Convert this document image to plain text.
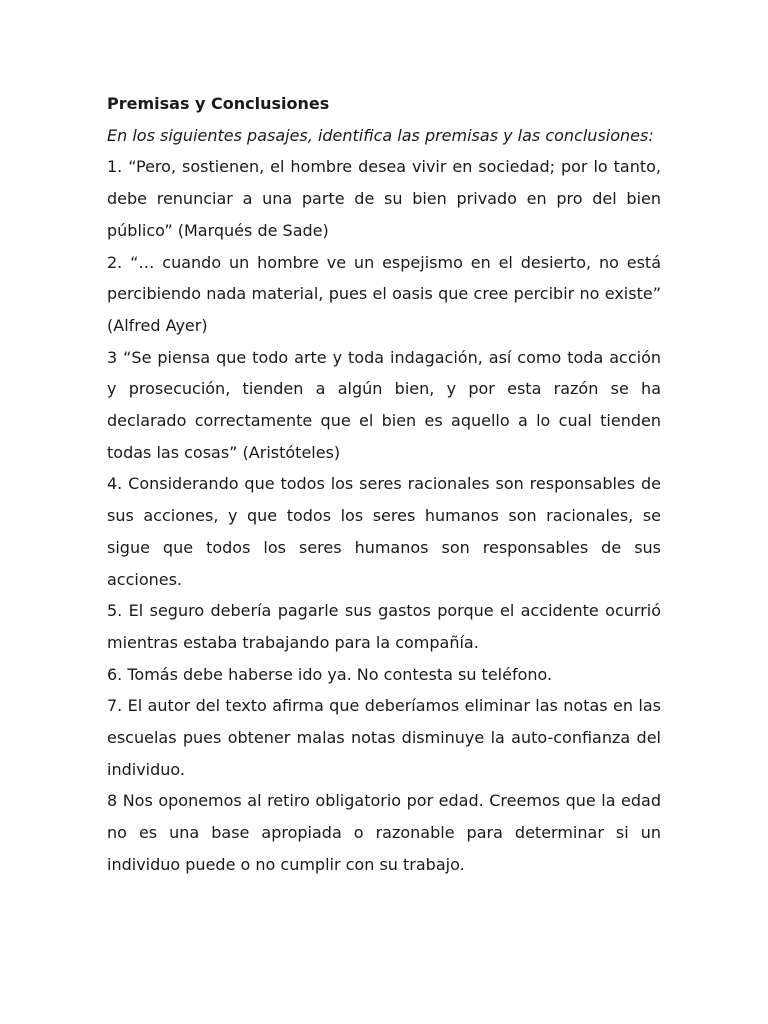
Premisas y Conclusiones
En los siguientes pasajes, identifica las premisas y las conclusiones:
1. “Pero, sostienen, el hombre desea vivir en sociedad; por lo tanto, debe renunciar a una parte de su bien privado en pro del bien público” (Marqués de Sade)
2. “… cuando un hombre ve un espejismo en el desierto, no está percibiendo nada material, pues el oasis que cree percibir no existe” (Alfred Ayer)
3 “Se piensa que todo arte y toda indagación, así como toda acción y prosecución, tienden a algún bien, y por esta razón se ha declarado correctamente que el bien es aquello a lo cual tienden todas las cosas” (Aristóteles)
4. Considerando que todos los seres racionales son responsables de sus acciones, y que todos los seres humanos son racionales, se sigue que todos los seres humanos son responsables de sus acciones.
5. El seguro debería pagarle sus gastos porque el accidente ocurrió mientras estaba trabajando para la compañía.
6. Tomás debe haberse ido ya. No contesta su teléfono.
7. El autor del texto afirma que deberíamos eliminar las notas en las escuelas pues obtener malas notas disminuye la auto-confianza del individuo.
8 Nos oponemos al retiro obligatorio por edad. Creemos que la edad no es una base apropiada o razonable para determinar si un individuo puede o no cumplir con su trabajo.
